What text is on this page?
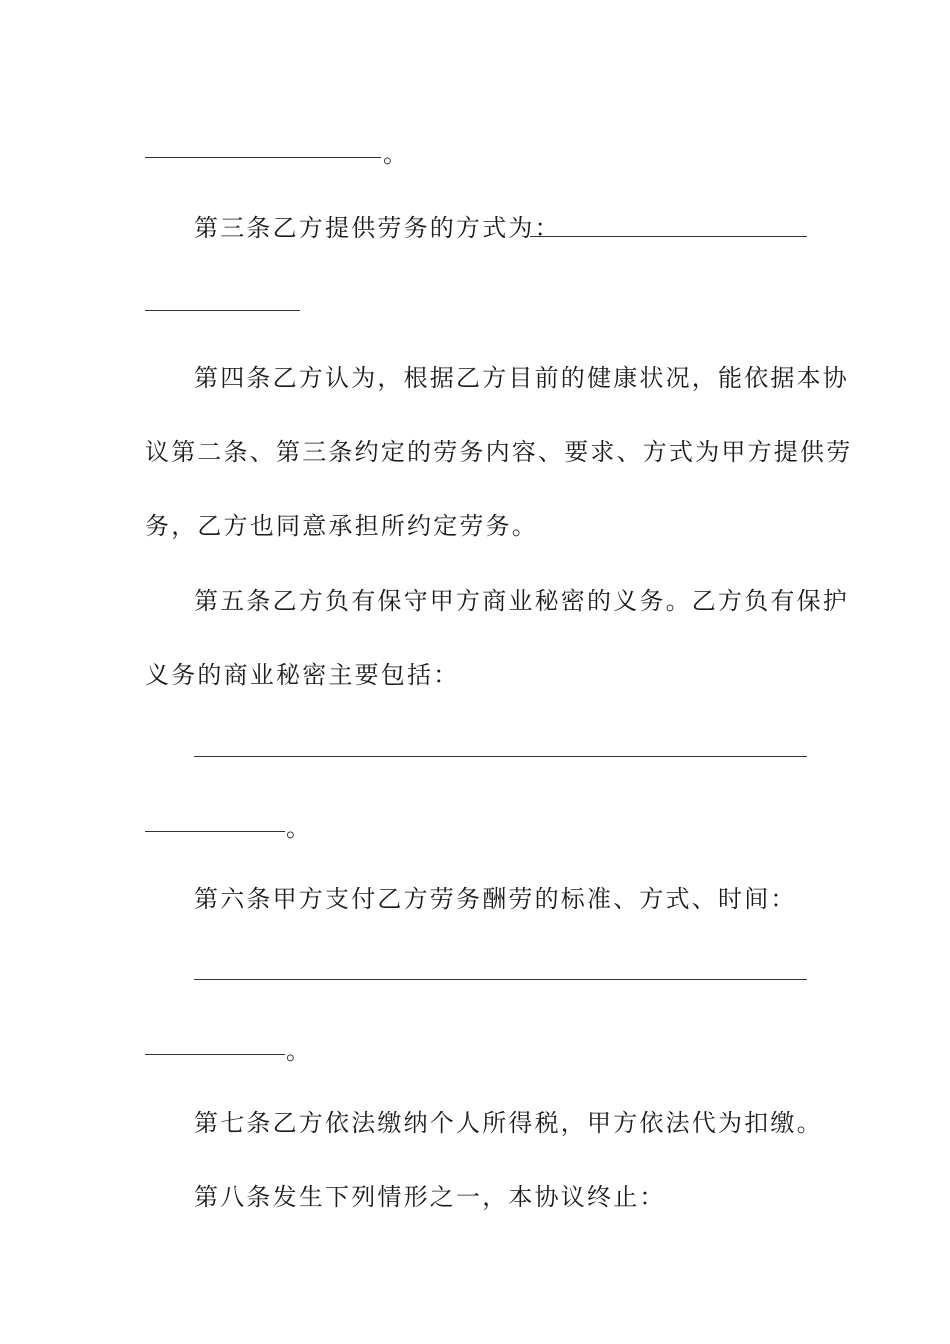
。
第三条乙方提供劳务的方式为：
第四条乙方认为，根据乙方目前的健康状况，能依据本协
议第二条、第三条约定的劳务内容、要求、方式为甲方提供劳
务，乙方也同意承担所约定劳务。
第五条乙方负有保守甲方商业秘密的义务。乙方负有保护
义务的商业秘密主要包括：
。
第六条甲方支付乙方劳务酬劳的标准、方式、时间：
。
第七条乙方依法缴纳个人所得税，甲方依法代为扣缴。
第八条发生下列情形之一，本协议终止：
